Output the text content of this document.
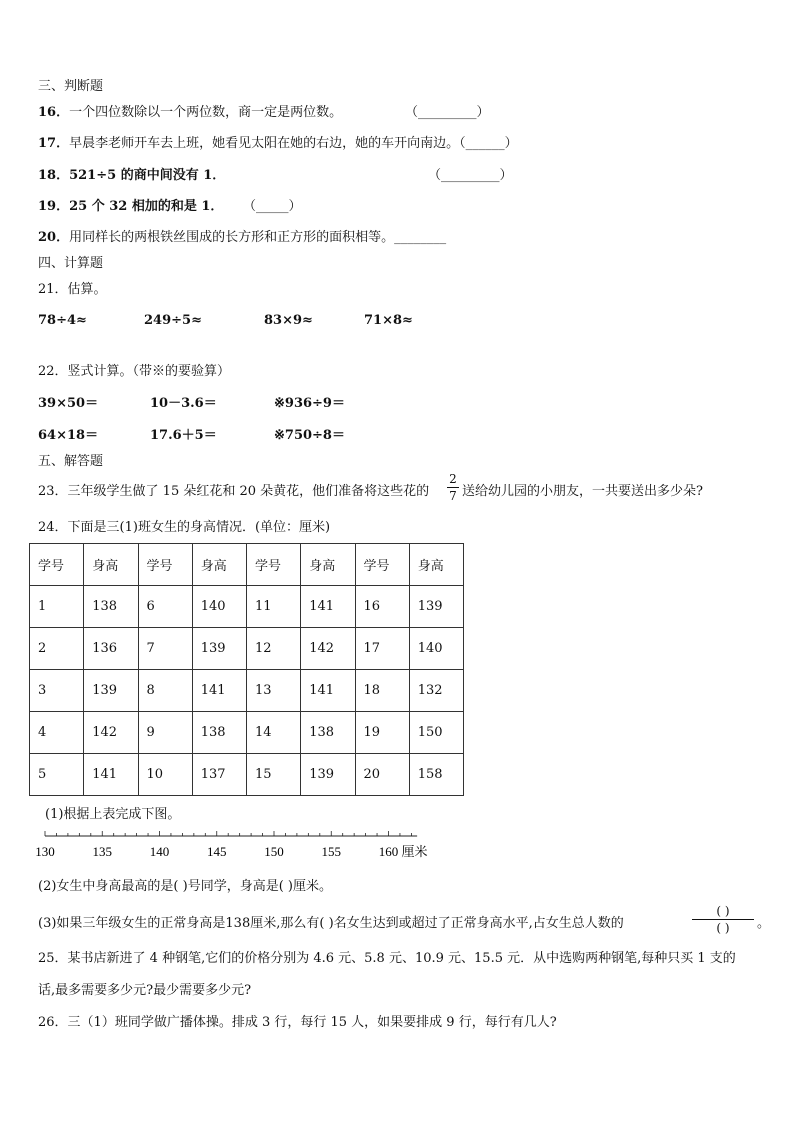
三、判断题
16．一个四位数除以一个两位数，商一定是两位数。	（_________）
17．早晨李老师开车去上班，她看见太阳在她的右边，她的车开向南边。（______）
18．521÷5 的商中间没有 1．	（_________）
19．25 个 32 相加的和是 1． （_____）
20．用同样长的两根铁丝围成的长方形和正方形的面积相等。________
四、计算题
21．估算。
78÷4≈	249÷5≈	83×9≈	71×8≈
22．竖式计算。（带※的要验算）
39×50＝	10－3.6＝	※936÷9＝
64×18＝	17.6＋5＝	※750÷8＝
五、解答题
23．三年级学生做了 15 朵红花和 20 朵黄花，他们准备将这些花的
2
7 送给幼儿园的小朋友，一共要送出多少朵?
24．下面是三(1)班女生的身高情况．(单位：厘米)
学号	身高	学号	身高	学号	身高	学号	身高
1	138	6	140	11	141	16	139
2	136	7	139	12	142	17	140
3	139	8	141	13	141	18	132
4	142	9	138	14	138	19	150
5	141	10	137	15	139	20	158
(1)根据上表完成下图。
130	135	140	145	150	155	160 厘米
(2)女生中身高最高的是( )号同学，身高是( )厘米。
(3)如果三年级女生的正常身高是138厘米,那么有( )名女生达到或超过了正常身高水平,占女生总人数的
( )
( )	。
25．某书店新进了 4 种钢笔,它们的价格分别为 4.6 元、5.8 元、10.9 元、15.5 元．从中选购两种钢笔,每种只买 1 支的
话,最多需要多少元?最少需要多少元?
26．三（1）班同学做广播体操。排成 3 行，每行 15 人，如果要排成 9 行，每行有几人?
